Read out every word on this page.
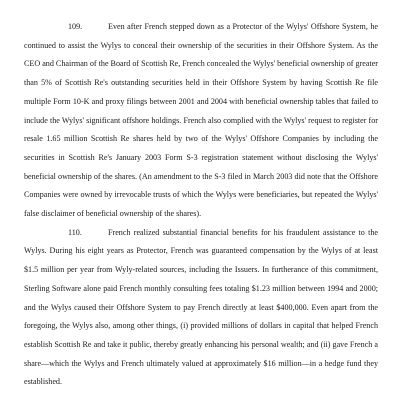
109.	Even after French stepped down as a Protector of the Wylys' Offshore System, he continued to assist the Wylys to conceal their ownership of the securities in their Offshore System. As the CEO and Chairman of the Board of Scottish Re, French concealed the Wylys' beneficial ownership of greater than 5% of Scottish Re's outstanding securities held in their Offshore System by having Scottish Re file multiple Form 10-K and proxy filings between 2001 and 2004 with beneficial ownership tables that failed to include the Wylys' significant offshore holdings. French also complied with the Wylys' request to register for resale 1.65 million Scottish Re shares held by two of the Wylys' Offshore Companies by including the securities in Scottish Re's January 2003 Form S-3 registration statement without disclosing the Wylys' beneficial ownership of the shares. (An amendment to the S-3 filed in March 2003 did note that the Offshore Companies were owned by irrevocable trusts of which the Wylys were beneficiaries, but repeated the Wylys' false disclaimer of beneficial ownership of the shares).

110.	French realized substantial financial benefits for his fraudulent assistance to the Wylys. During his eight years as Protector, French was guaranteed compensation by the Wylys of at least $1.5 million per year from Wyly-related sources, including the Issuers. In furtherance of this commitment, Sterling Software alone paid French monthly consulting fees totaling $1.23 million between 1994 and 2000; and the Wylys caused their Offshore System to pay French directly at least $400,000. Even apart from the foregoing, the Wylys also, among other things, (i) provided millions of dollars in capital that helped French establish Scottish Re and take it public, thereby greatly enhancing his personal wealth; and (ii) gave French a share—which the Wylys and French ultimately valued at approximately $16 million—in a hedge fund they established.
